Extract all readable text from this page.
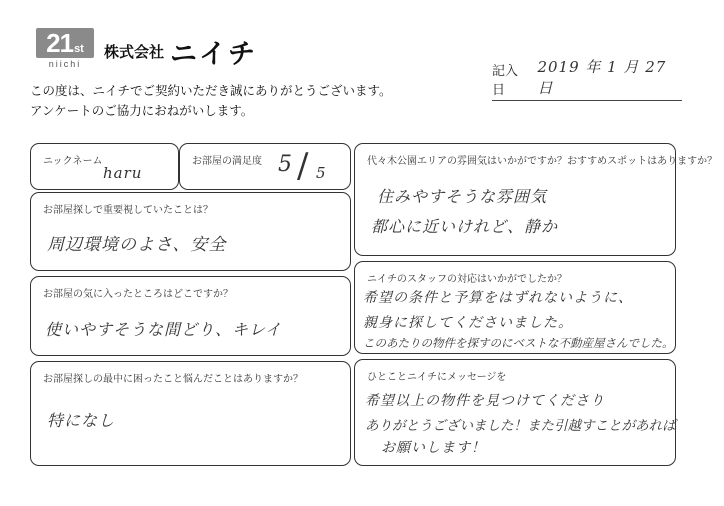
21 st
niichi
株式会社 ニイチ
記入日
2019 年 1 月 27 日
この度は、ニイチでご契約いただき誠にありがとうございます。
アンケートのご協力におねがいします。
ニックネーム
haru
お部屋の満足度 5 / 5
お部屋探しで重要視していたことは？
周辺環境のよさ、安全
お部屋の気に入ったところはどこですか？
使いやすそうな間どり、キレイ
お部屋探しの最中に困ったこと悩んだことはありますか？
特になし
代々木公園エリアの雰囲気はいかがですか？おすすめスポットはありますか？
住みやすそうな雰囲気
都心に近いけれど、静か
ニイチのスタッフの対応はいかがでしたか？
希望の条件と予算をはずれないように、
親身に探してくださいました。
このあたりの物件を探すのにベストな不動産屋さんでした。
ひとことニイチにメッセージを
希望以上の物件を見つけてくださり
ありがとうございました！また引越すことがあれば
お願いします！
